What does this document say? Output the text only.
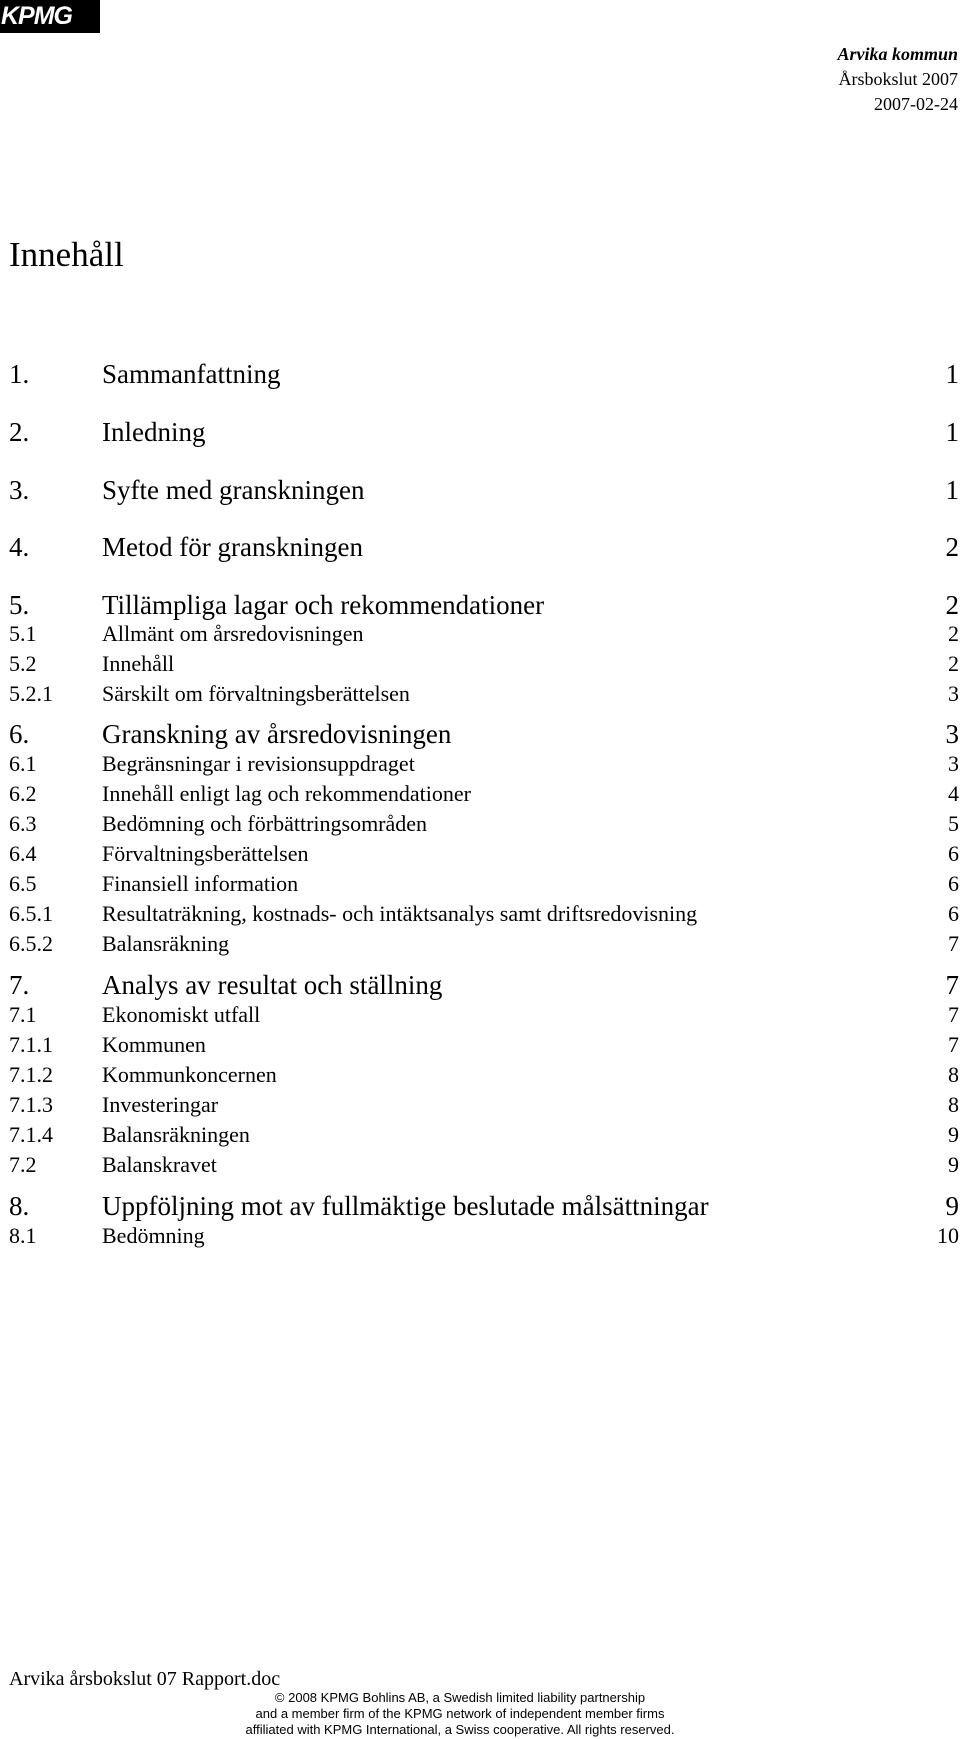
KPMG
Arvika kommun
Årsbokslut 2007
2007-02-24
Innehåll
1.	Sammanfattning	1
2.	Inledning	1
3.	Syfte med granskningen	1
4.	Metod för granskningen	2
5.	Tillämpliga lagar och rekommendationer	2
5.1	Allmänt om årsredovisningen	2
5.2	Innehåll	2
5.2.1 Särskilt om förvaltningsberättelsen	3
6.	Granskning av årsredovisningen	3
6.1	Begränsningar i revisionsuppdraget	3
6.2	Innehåll enligt lag och rekommendationer	4
6.3	Bedömning och förbättringsområden	5
6.4	Förvaltningsberättelsen	6
6.5	Finansiell information	6
6.5.1 Resultaträkning, kostnads- och intäktsanalys samt driftsredovisning	6
6.5.2 Balansräkning	7
7.	Analys av resultat och ställning	7
7.1	Ekonomiskt utfall	7
7.1.1 Kommunen	7
7.1.2 Kommunkoncernen	8
7.1.3 Investeringar	8
7.1.4 Balansräkningen	9
7.2	Balanskravet	9
8.	Uppföljning mot av fullmäktige beslutade målsättningar	9
8.1	Bedömning	10
Arvika årsbokslut 07 Rapport.doc
© 2008 KPMG Bohlins AB, a Swedish limited liability partnership
and a member firm of the KPMG network of independent member firms
affiliated with KPMG International, a Swiss cooperative. All rights reserved.
